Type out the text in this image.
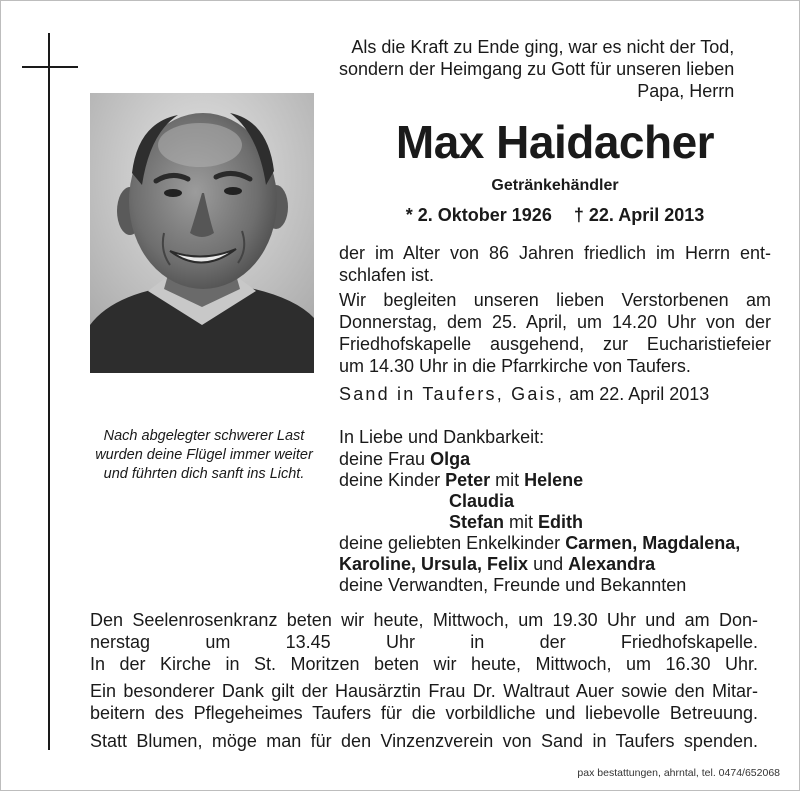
Als die Kraft zu Ende ging, war es nicht der Tod,
sondern der Heimgang zu Gott für unseren lieben
Papa, Herrn
Max Haidacher
Getränkehändler
* 2. Oktober 1926 † 22. April 2013
der im Alter von 86 Jahren friedlich im Herrn ent-
schlafen ist.
Wir begleiten unseren lieben Verstorbenen am
Donnerstag, dem 25. April, um 14.20 Uhr von der
Friedhofskapelle ausgehend, zur Eucharistiefeier
um 14.30 Uhr in die Pfarrkirche von Taufers.
Sand in Taufers, Gais, am 22. April 2013
Nach abgelegter schwerer Last
wurden deine Flügel immer weiter
und führten dich sanft ins Licht.
In Liebe und Dankbarkeit:
deine Frau Olga
deine Kinder Peter mit Helene
Claudia
Stefan mit Edith
deine geliebten Enkelkinder Carmen, Magdalena,
Karoline, Ursula, Felix und Alexandra
deine Verwandten, Freunde und Bekannten
Den Seelenrosenkranz beten wir heute, Mittwoch, um 19.30 Uhr und am Don-
nerstag um 13.45 Uhr in der Friedhofskapelle.
In der Kirche in St. Moritzen beten wir heute, Mittwoch, um 16.30 Uhr.
Ein besonderer Dank gilt der Hausärztin Frau Dr. Waltraut Auer sowie den Mitar-
beitern des Pflegeheimes Taufers für die vorbildliche und liebevolle Betreuung.
Statt Blumen, möge man für den Vinzenzverein von Sand in Taufers spenden.
pax bestattungen, ahrntal, tel. 0474/652068
